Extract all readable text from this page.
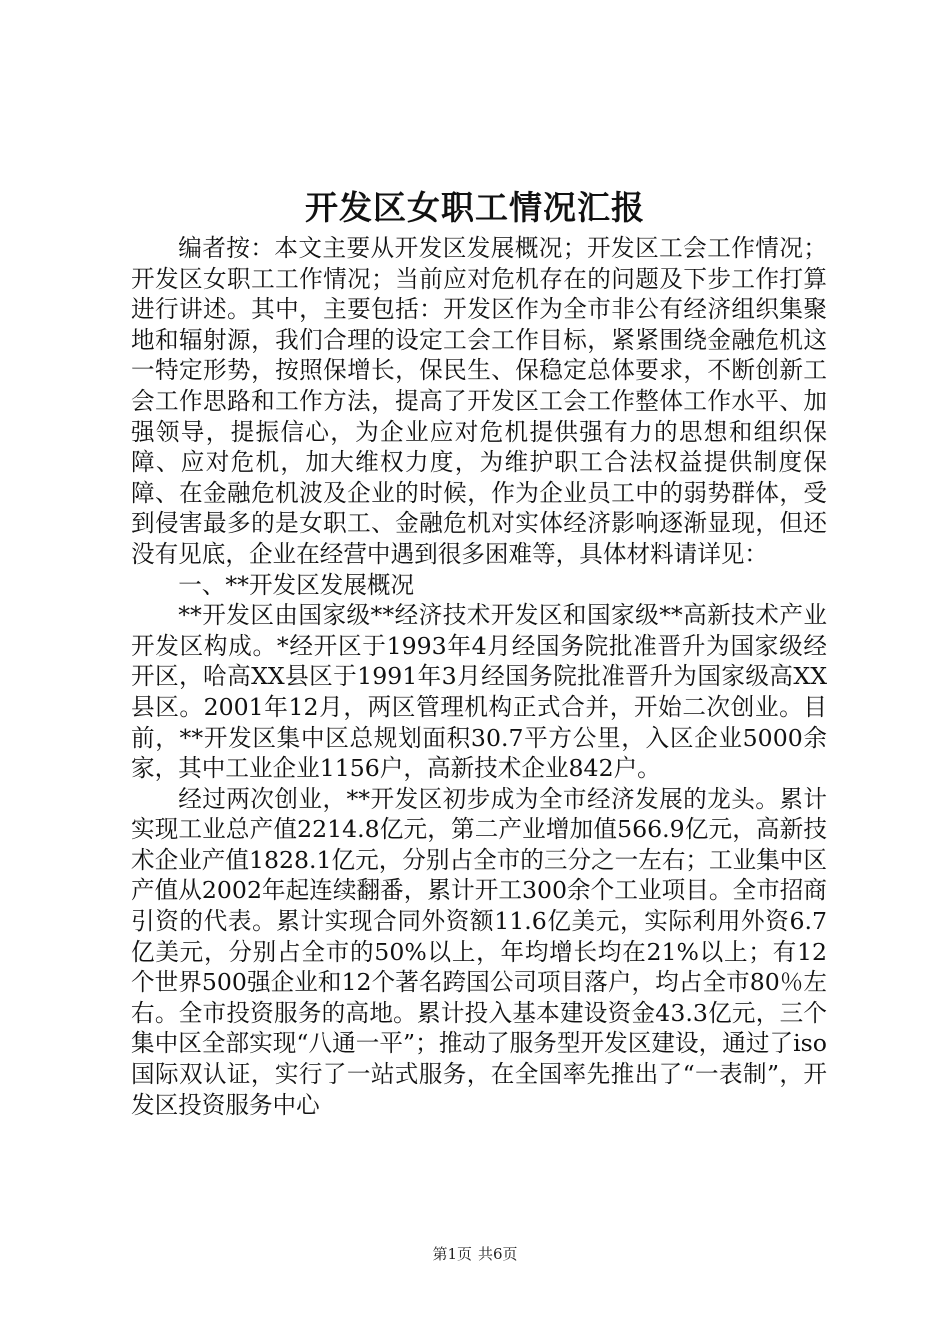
开发区女职工情况汇报

编者按：本文主要从开发区发展概况；开发区工会工作情况；开发区女职工工作情况；当前应对危机存在的问题及下步工作打算进行讲述。其中，主要包括：开发区作为全市非公有经济组织集聚地和辐射源，我们合理的设定工会工作目标，紧紧围绕金融危机这一特定形势，按照保增长，保民生、保稳定总体要求，不断创新工会工作思路和工作方法，提高了开发区工会工作整体工作水平、加强领导，提振信心，为企业应对危机提供强有力的思想和组织保障、应对危机，加大维权力度，为维护职工合法权益提供制度保障、在金融危机波及企业的时候，作为企业员工中的弱势群体，受到侵害最多的是女职工、金融危机对实体经济影响逐渐显现，但还没有见底，企业在经营中遇到很多困难等，具体材料请详见：

一、**开发区发展概况

**开发区由国家级**经济技术开发区和国家级**高新技术产业开发区构成。*经开区于1993年4月经国务院批准晋升为国家级经开区，哈高XX县区于1991年3月经国务院批准晋升为国家级高XX县区。2001年12月，两区管理机构正式合并，开始二次创业。目前，**开发区集中区总规划面积30.7平方公里，入区企业5000余家，其中工业企业1156户，高新技术企业842户。

经过两次创业，**开发区初步成为全市经济发展的龙头。累计实现工业总产值2214.8亿元，第二产业增加值566.9亿元，高新技术企业产值1828.1亿元，分别占全市的三分之一左右；工业集中区产值从2002年起连续翻番，累计开工300余个工业项目。全市招商引资的代表。累计实现合同外资额11.6亿美元，实际利用外资6.7亿美元，分别占全市的50%以上，年均增长均在21%以上；有12个世界500强企业和12个著名跨国公司项目落户，均占全市80％左右。全市投资服务的高地。累计投入基本建设资金43.3亿元，三个集中区全部实现“八通一平”；推动了服务型开发区建设，通过了iso国际双认证，实行了一站式服务，在全国率先推出了“一表制”，开发区投资服务中心

第1页 共6页
